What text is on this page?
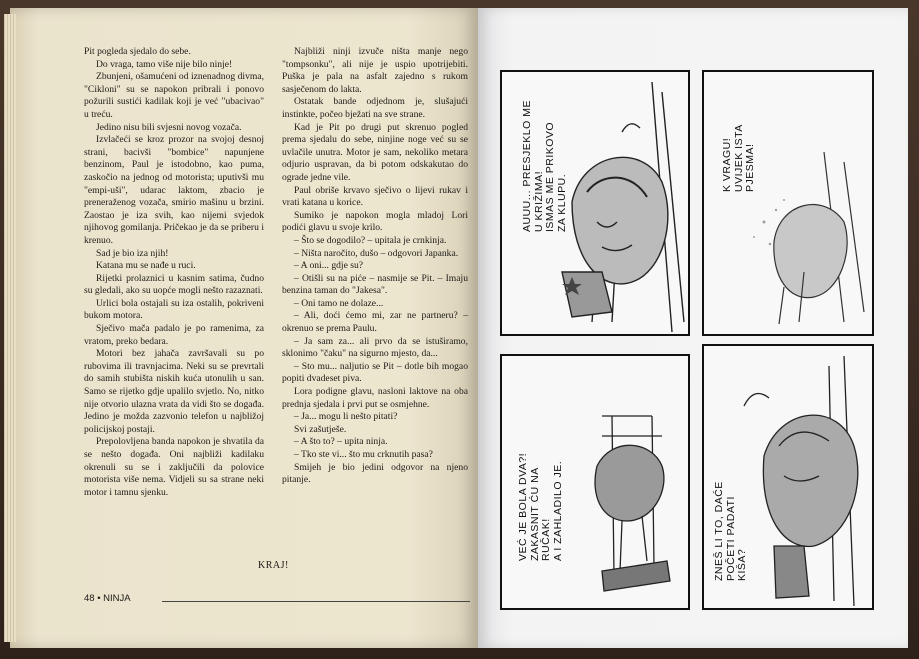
Pit pogleda sjedalo do sebe.

Do vraga, tamo više nije bilo ninje!

Zbunjeni, ošamućeni od iznenadnog divma, "Cikloni" su se napokon pribrali i ponovo požurili sustići kadilak koji je već "ubacivao" u treću.

Jedino nisu bili svjesni novog vozača.

Izvlačeći se kroz prozor na svojoj desnoj strani, bacivši "bombice" napunjene benzinom, Paul je istodobno, kao puma, zaskočio na jednog od motorista; uputivši mu "empi-uši", udarac laktom, zbacio je preneraženog vozača, smirio mašinu u brzini. Zaostao je iza svih, kao nijemi svjedok njihovog gomilanja. Pričekao je da se priberu i krenuo.

Sad je bio iza njih!

Katana mu se nađe u ruci.

Rijetki prolaznici u kasnim satima, čudno su gledali, ako su uopće mogli nešto razaznati.

Urlici bola ostajali su iza ostalih, pokriveni bukom motora.

Sječivo mača padalo je po ramenima, za vratom, preko bedara.

Motori bez jahača završavali su po rubovima ili travnjacima. Neki su se prevrtali do samih stubišta niskih kuća utonulih u san. Samo se rijetko gdje upalilo svjetlo. No, nitko nije otvorio ulazna vrata da vidi što se događa. Jedino je možda zazvonio telefon u najbližoj policijskoj postaji.

Prepolovljena banda napokon je shvatila da se nešto događa. Oni najbliži kadilaku okrenuli su se i zaključili da polovice motorista više nema. Vidjeli su sa strane neki motor i tamnu sjenku.

Najbliži ninji izvuče ništa manje nego "tompsonku", ali nije je uspio upotrijebiti. Puška je pala na asfalt zajedno s rukom sasječenom do lakta.

Ostatak bande odjednom je, slušajući instinkte, počeo bježati na sve strane.

Kad je Pit po drugi put skrenuo pogled prema sjedalu do sebe, ninjine noge već su se uvlačile unutra. Motor je sam, nekoliko metara odjurio uspravan, da bi potom odskakutao do ograde jedne vile.

Paul obriše krvavo sječivo o lijevi rukav i vrati katana u korice.

Sumiko je napokon mogla mladoj Lori podići glavu u svoje krilo.

– Što se dogodilo? – upitala je crnkinja.

– Ništa naročito, dušo – odgovori Japanka.

– A oni... gdje su?

– Otišli su na piće – nasmije se Pit. – Imaju benzina taman do "Jakesa".

– Oni tamo ne dolaze...

– Ali, doći ćemo mi, zar ne partneru? – okrenuo se prema Paulu.

– Ja sam za... ali prvo da se istuširamo, sklonimo "čaku" na sigurno mjesto, da...

– Sto mu... naljutio se Pit – dotle bih mogao popiti dvadeset piva.

Lora podigne glavu, nasloni laktove na oba prednja sjedala i prvi put se osmjehne.

– Ja... mogu li nešto pitati?

Svi zašutješe.

– A što to? – upita ninja.

– Tko ste vi... što mu crknutih pasa?

Smijeh je bio jedini odgovor na njeno pitanje.

KRAJ!
48 • NINJA
AUUU... PRESJEKLO ME
U KRIŽIMA!
ISMAS ME PRIKOVO
ZA KLUPU.	K VRAGU!
UVIJEK ISTA
PJESMA!
VEĆ JE BOLA DVA?!
ZAKASNIT ĆU NA
RUČAK!
A I ZAHLADILO JE.
ZNEŠ LI TO, DAĆE
POČETI PADATI
KIŠA?
